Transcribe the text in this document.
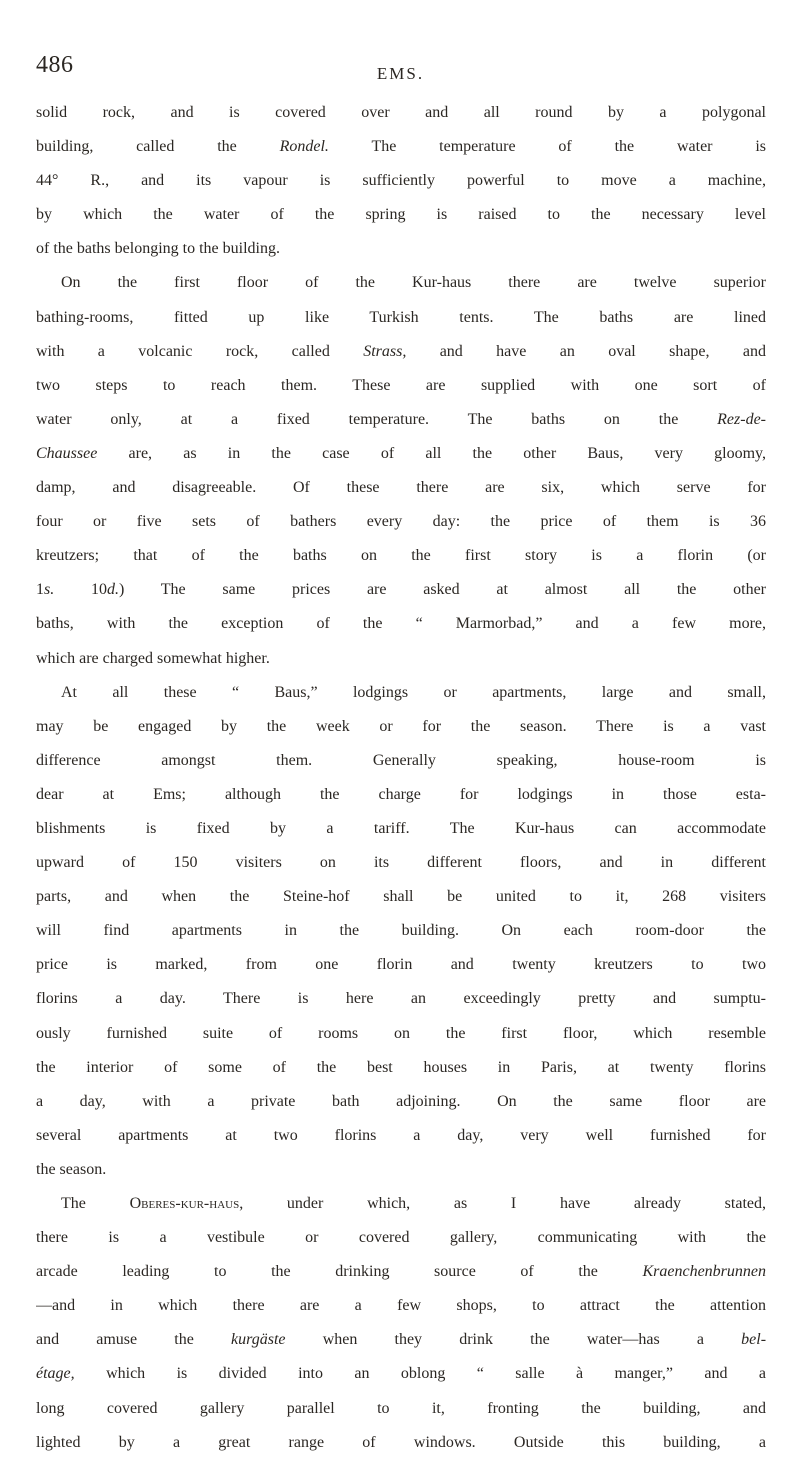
486	EMS.
solid rock, and is covered over and all round by a polygonal
building, called the Rondel. The temperature of the water is
44° R., and its vapour is sufficiently powerful to move a machine,
by which the water of the spring is raised to the necessary level
of the baths belonging to the building.
On the first floor of the Kur-haus there are twelve superior
bathing-rooms, fitted up like Turkish tents. The baths are lined
with a volcanic rock, called Strass, and have an oval shape, and
two steps to reach them. These are supplied with one sort of
water only, at a fixed temperature. The baths on the Rez-de-
Chaussee are, as in the case of all the other Baus, very gloomy,
damp, and disagreeable. Of these there are six, which serve for
four or five sets of bathers every day: the price of them is 36
kreutzers; that of the baths on the first story is a florin (or
1s. 10d.) The same prices are asked at almost all the other
baths, with the exception of the “ Marmorbad,” and a few more,
which are charged somewhat higher.
At all these “ Baus,” lodgings or apartments, large and small,
may be engaged by the week or for the season. There is a vast
difference amongst them. Generally speaking, house-room is
dear at Ems; although the charge for lodgings in those esta-
blishments is fixed by a tariff. The Kur-haus can accommodate
upward of 150 visiters on its different floors, and in different
parts, and when the Steine-hof shall be united to it, 268 visiters
will find apartments in the building. On each room-door the
price is marked, from one florin and twenty kreutzers to two
florins a day. There is here an exceedingly pretty and sumptu-
ously furnished suite of rooms on the first floor, which resemble
the interior of some of the best houses in Paris, at twenty florins
a day, with a private bath adjoining. On the same floor are
several apartments at two florins a day, very well furnished for
the season.
The Oberes-kur-haus, under which, as I have already stated,
there is a vestibule or covered gallery, communicating with the
arcade leading to the drinking source of the Kraenchenbrunnen
—and in which there are a few shops, to attract the attention
and amuse the kurgäste when they drink the water—has a bel-
étage, which is divided into an oblong “ salle à manger,” and a
long covered gallery parallel to it, fronting the building, and
lighted by a great range of windows. Outside this building, a
